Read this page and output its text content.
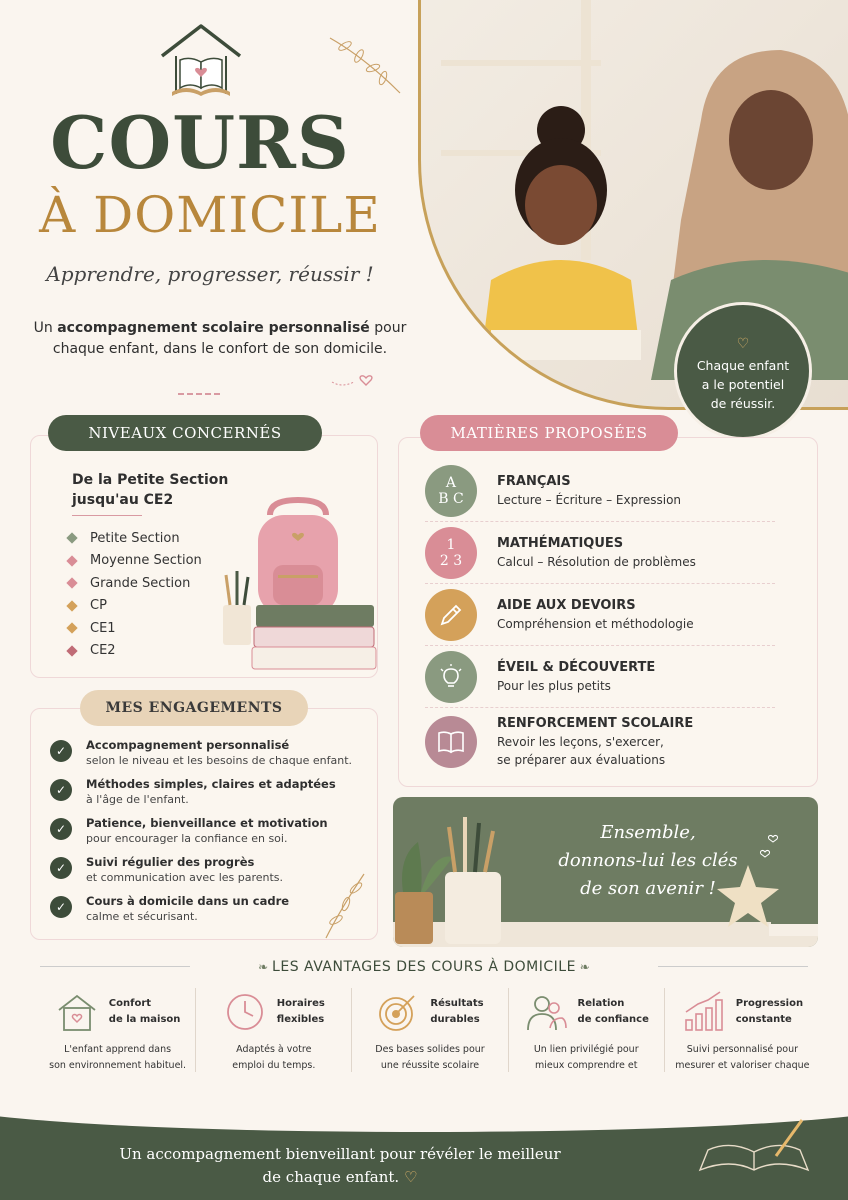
COURS
À DOMICILE
Apprendre, progresser, réussir !
Un accompagnement scolaire personnalisé pour chaque enfant, dans le confort de son domicile.	♡
Chaque enfant
a le potentiel
de réussir.
NIVEAUX CONCERNÉS
De la Petite Section
jusqu'au CE2
Petite Section
Moyenne Section
Grande Section
CP
CE1
CE2
MES ENGAGEMENTS
✓	Accompagnement personnalisé
selon le niveau et les besoins de chaque enfant.
✓	Méthodes simples, claires et adaptées
à l'âge de l'enfant.
✓	Patience, bienveillance et motivation
pour encourager la confiance en soi.
✓	Suivi régulier des progrès
et communication avec les parents.
✓	Cours à domicile dans un cadre
calme et sécurisant.
MATIÈRES PROPOSÉES
A
B C
FRANÇAIS
Lecture – Écriture – Expression
1
2 3
MATHÉMATIQUES
Calcul – Résolution de problèmes
AIDE AUX DEVOIRS
Compréhension et méthodologie
ÉVEIL & DÉCOUVERTE
Pour les plus petits
RENFORCEMENT SCOLAIRE
Revoir les leçons, s'exercer,
se préparer aux évaluations
Ensemble,
donnons-lui les clés
de son avenir !
❧ LES AVANTAGES DES COURS À DOMICILE ❧
Confort
de la maison
L'enfant apprend dans
son environnement habituel.
Horaires
flexibles
Adaptés à votre
emploi du temps.
Résultats
durables
Des bases solides pour
une réussite scolaire

Relation
de confiance
Un lien privilégié pour
mieux comprendre et

Progression
constante
Suivi personnalisé pour
mesurer et valoriser chaque

Un accompagnement bienveillant pour révéler le meilleur
de chaque enfant. ♡
